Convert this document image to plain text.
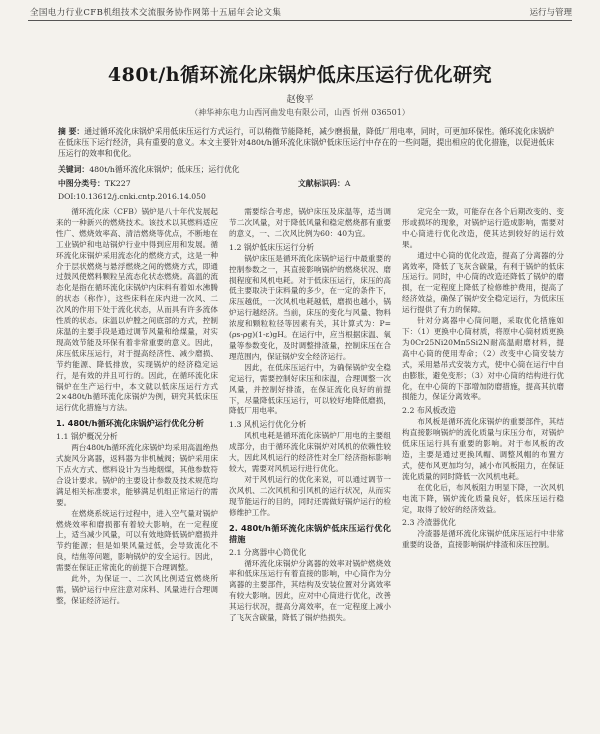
全国电力行业CFB机组技术交流服务协作网第十五届年会论文集	运行与管理
480t/h循环流化床锅炉低床压运行优化研究
赵俊平
（神华神东电力山西河曲发电有限公司，山西 忻州 036501）
摘 要：通过循环流化床锅炉采用低床压运行方式运行，可以稍微节能降耗，减少磨损量，降低厂用电率，同时，可更加环保性。循环流化床锅炉在低床压下运行经济，具有重要的意义。本文主要针对480t/h循环流化床锅炉低床压运行中存在的一些问题，提出相应的优化措施，以促进低床压运行的效率和优化。
关键词：480t/h循环流化床锅炉；低床压；运行优化
中图分类号：TK227	文献标识码：A
DOI:10.13612/j.cnki.cntp.2016.14.050

循环流化床（CFB）锅炉是八十年代发展起来的一种新兴的燃烧技术。该技术以其燃料适应性广、燃烧效率高、清洁燃烧等优点，不断地在工业锅炉和电站锅炉行业中得到应用和发展。循环流化床锅炉采用流态化的燃烧方式，这是一种介于层状燃烧与悬浮燃烧之间的燃烧方式，即通过鼓风使燃料颗粒呈流态化状态燃烧。高温的流态化是指在循环流化床锅炉内床料有着如水沸腾的状态（称作），这些床料在床内进一次风、二次风的作用下处于流化状态，从而具有许多流体性质的状态。床温以炉膛之间底部的方式，控制床温的主要手段是通过调节风量和给煤量，对实现高效节能及环保有着非常重要的意义。因此，床压低床压运行，对于提高经济性、减少磨损、节约能源、降低排放，实现锅炉的经济稳定运行，是有效的并且可行的。因此，在循环流化床锅炉在生产运行中，本文就以低床压运行方式2×480t/h循环流化床锅炉为例，研究其低床压运行优化措施与方法。

1. 480t/h循环流化床锅炉运行优化分析
1.1 锅炉概况分析

两台480t/h循环流化床锅炉均采用高温绝热式旋风分离器，返料器为非机械阀；锅炉采用床下点火方式、燃料设计为当地烟煤，其他参数符合设计要求。锅炉的主要设计参数及技术规范均满足相关标准要求，能够满足机组正常运行的需要。

在燃烧系统运行过程中，进入空气量对锅炉燃烧效率和磨损都有着较大影响，在一定程度上，适当减少风量，可以有效地降低锅炉磨损并节约能源；但是如果风量过低，会导致流化不良，结焦等问题，影响锅炉的安全运行。因此，需要在保证正常流化的前提下合理调整。

此外，为保证一、二次风比例适宜燃烧所需，锅炉运行中应注意对床料、风量进行合理调整，保证经济运行。

需要综合考虑，锅炉床压及床温等，适当调节二次风量，对于降低风量和稳定燃烧都有重要的意义，一、二次风比例为60：40为宜。

1.2 锅炉低床压运行分析

锅炉床压是循环流化床锅炉运行中最重要的控制参数之一，其直接影响锅炉的燃烧状况、磨损程度和风机电耗。对于低床压运行，床压的高低主要取决于床料量的多少，在一定的条件下，床压越低，一次风机电耗越低，磨损也越小，锅炉运行越经济。当前，床压的变化与风量、物料浓度和颗粒粒径等因素有关，其计算式为：P=(ρs-ρg)(1-ε)gH。在运行中，应当根据床温、氧量等参数变化，及时调整排渣量，控制床压在合理范围内，保证锅炉安全经济运行。

因此，在低床压运行中，为确保锅炉安全稳定运行，需要控制好床压和床温，合理调整一次风量，并控制好排渣，在保证流化良好的前提下，尽量降低床压运行，可以较好地降低磨损，降低厂用电率。

1.3 风机运行优化分析

风机电耗是循环流化床锅炉厂用电的主要组成部分，由于循环流化床锅炉对风机的依赖性较大，因此风机运行的经济性对全厂经济指标影响较大，需要对风机运行进行优化。

对于风机运行的优化来说，可以通过调节一次风机、二次风机和引风机的运行状况，从而实现节能运行的目的，同时还需做好锅炉运行的检修维护工作。

2. 480t/h循环流化床锅炉低床压运行优化措施
2.1 分离器中心筒优化

循环流化床锅炉分离器的效率对锅炉燃烧效率和低床压运行有着直接的影响，中心筒作为分离器的主要部件，其结构及安装位置对分离效率有较大影响。因此，应对中心筒进行优化，改善其运行状况，提高分离效率，在一定程度上减小了飞灰含碳量，降低了锅炉热损失。

定完全一致，可能存在各个后期改变的、变形或损坏的现象，对锅炉运行造成影响，需要对中心筒进行优化改造，使其达到较好的运行效果。

通过中心筒的优化改造，提高了分离器的分离效率，降低了飞灰含碳量，有利于锅炉的低床压运行。同时，中心筒的改造还降低了锅炉的磨损，在一定程度上降低了检修维护费用，提高了经济效益，确保了锅炉安全稳定运行，为低床压运行提供了有力的保障。

针对分离器中心筒问题，采取优化措施如下：（1）更换中心筒材质，将原中心筒材质更换为0Cr25Ni20Mn5Si2N耐高温耐磨材料，提高中心筒的使用寿命；（2）改变中心筒安装方式，采用悬吊式安装方式，使中心筒在运行中自由膨胀，避免变形；（3）对中心筒的结构进行优化，在中心筒的下部增加防磨措施，提高其抗磨损能力，保证分离效率。

2.2 布风板改造

布风板是循环流化床锅炉的重要部件，其结构直接影响锅炉的流化质量与床压分布，对锅炉低床压运行具有重要的影响。对于布风板的改造，主要是通过更换风帽、调整风帽的布置方式，使布风更加均匀，减小布风板阻力，在保证流化质量的同时降低一次风机电耗。

在优化后，布风板阻力明显下降，一次风机电流下降，锅炉流化质量良好，低床压运行稳定，取得了较好的经济效益。

2.3 冷渣器优化

冷渣器是循环流化床锅炉低床压运行中非常重要的设备，直接影响锅炉排渣和床压控制。
